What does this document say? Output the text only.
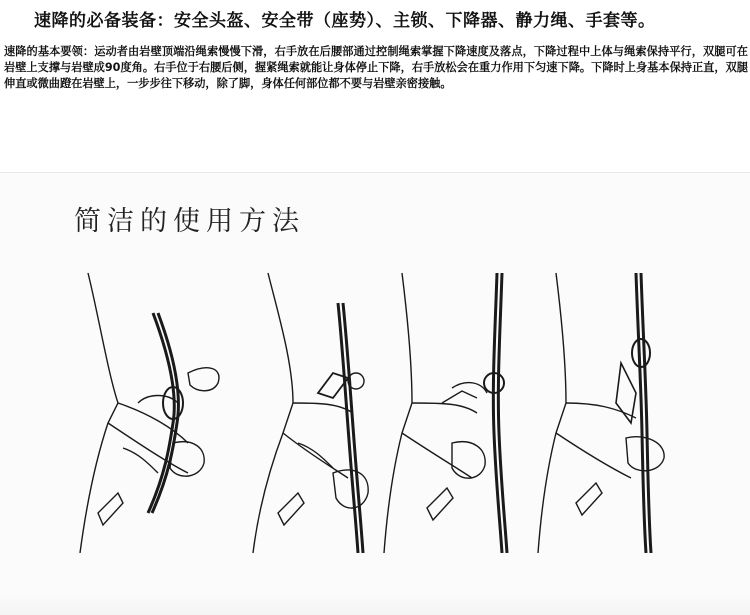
速降的必备装备：安全头盔、安全带（座势）、主锁、下降器、静力绳、手套等。
速降的基本要领：运动者由岩壁顶端沿绳索慢慢下滑，右手放在后腰部通过控制绳索掌握下降速度及落点，下降过程中上体与绳索保持平行，双腿可在岩壁上支撑与岩壁成90度角。右手位于右腰后侧，握紧绳索就能让身体停止下降，右手放松会在重力作用下匀速下降。下降时上身基本保持正直，双腿伸直或微曲蹬在岩壁上，一步步往下移动，除了脚，身体任何部位都不要与岩壁亲密接触。
简洁的使用方法
